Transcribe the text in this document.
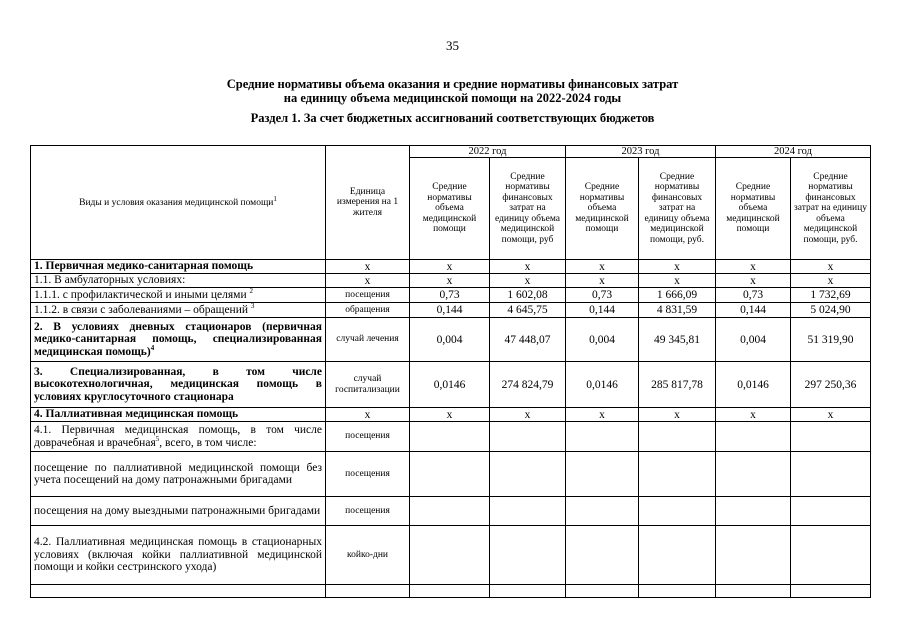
35
Средние нормативы объема оказания и средние нормативы финансовых затрат
на единицу объема медицинской помощи на 2022-2024 годы
Раздел 1. За счет бюджетных ассигнований соответствующих бюджетов
Виды и условия оказания медицинской помощи$^1$	Единица измерения на 1 жителя	2022 год		2023 год		2024 год	
		Средние нормативы объема медицинской помощи	Средние нормативы финансовых затрат на единицу объема медицинской помощи, руб	Средние нормативы объема медицинской помощи	Средние нормативы финансовых затрат на единицу объема медицинской помощи, руб.	Средние нормативы объема медицинской помощи	Средние нормативы финансовых затрат на единицу объема медицинской помощи, руб.
1. Первичная медико-санитарная помощь	х	х	х	х	х	х	х
1.1. В амбулаторных условиях:	х	х	х	х	х	х	х
1.1.1. с профилактической и иными целями $^2$	посещения	0,73	1 602,08	0,73	1 666,09	0,73	1 732,69
1.1.2. в связи с заболеваниями – обращений $^3$	обращения	0,144	4 645,75	0,144	4 831,59	0,144	5 024,90
2. В условиях дневных стационаров (первичная медико-санитарная помощь, специализированная медицинская помощь)$^4$	случай лечения	0,004	47 448,07	0,004	49 345,81	0,004	51 319,90
3. Специализированная, в том числе высокотехнологичная, медицинская помощь в условиях круглосуточного стационара	случай госпитализации	0,0146	274 824,79	0,0146	285 817,78	0,0146	297 250,36
4. Паллиативная медицинская помощь	х	х	х	х	х	х	х
4.1. Первичная медицинская помощь, в том числе доврачебная и врачебная$^5$, всего, в том числе:	посещения						
посещение по паллиативной медицинской помощи без учета посещений на дому патронажными бригадами	посещения						
посещения на дому выездными патронажными бригадами	посещения						
4.2. Паллиативная медицинская помощь в стационарных условиях (включая койки паллиативной медицинской помощи и койки сестринского ухода)	койко-дни						
